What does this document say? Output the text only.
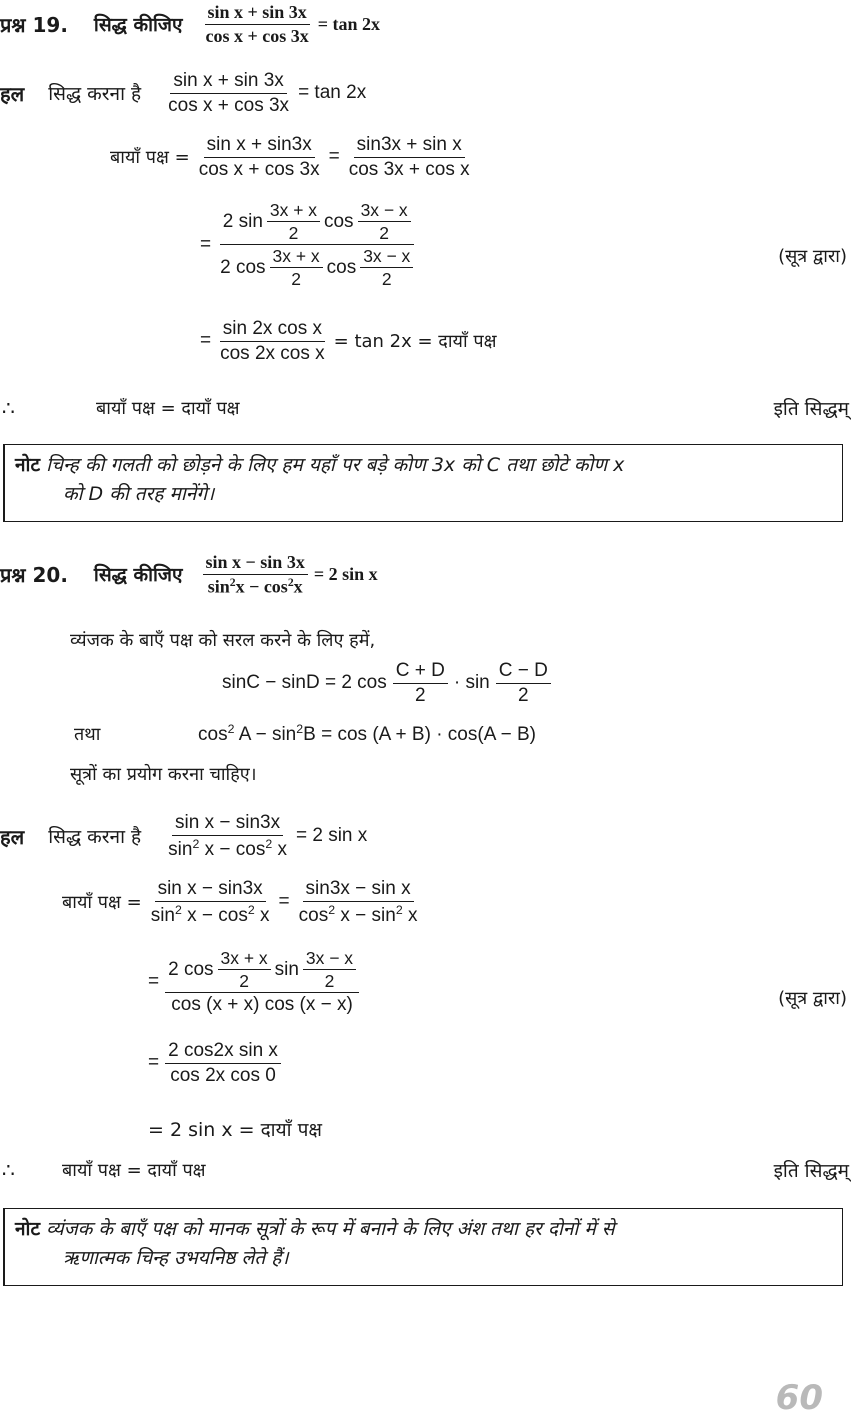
प्रश्न 19. सिद्ध कीजिए $\frac{\text{sin x + sin 3x}}{\text{cos x + cos 3x}} = \tan 2x$
हल सिद्ध करना है $\frac{\text{sin x + sin 3x}}{\text{cos x + cos 3x}} = \tan 2x$
बायाँ पक्ष = $\frac{\text{sin x + sin3x}}{\text{cos x + cos 3x}} = \frac{\text{sin3x + sin x}}{\text{cos 3x + cos x}}$
= $\frac{2 \sin \frac{3x + x}{2} \cos \frac{3x - x}{2}}{2 \cos \frac{3x + x}{2} \cos \frac{3x - x}{2}}$	(सूत्र द्वारा)
= $\frac{\text{sin 2x cos x}}{\text{cos 2x cos x}} = \tan 2x$ = दायाँ पक्ष
∴	बायाँ पक्ष = दायाँ पक्ष	इति सिद्धम्
नोट चिन्ह की गलती को छोड़ने के लिए हम यहाँ पर बड़े कोण 3x को C तथा छोटे कोण x
को D की तरह मानेंगे।
प्रश्न 20. सिद्ध कीजिए $\frac{\text{sin x − sin 3x}}{\sin^2x - \cos^2x} = 2$ sin x
व्यंजक के बाएँ पक्ष को सरल करने के लिए हमें,
sinC − sinD = 2 $\cos \frac{C + D}{2} \cdot \sin \frac{C - D}{2}$
तथा	$\cos^2 A - \sin^2B = \cos (A + B) \cdot \cos(A - B)$
सूत्रों का प्रयोग करना चाहिए।
हल सिद्ध करना है $\frac{\text{sin x − sin3x}}{\sin^2 x - \cos^2 x} = 2$ sin x
बायाँ पक्ष = $\frac{\text{sin x − sin3x}}{\sin^2 x - \cos^2 x} = \frac{\text{sin3x − sin x}}{\cos^2 x - \sin^2 x}$
= $\frac{2 \cos \frac{3x + x}{2} \sin \frac{3x - x}{2}}{\cos (x + x) \cos (x - x)}$	(सूत्र द्वारा)
= $\frac{\text{2 cos2x sin x}}{\text{cos 2x cos 0}}$
= 2 sin x = दायाँ पक्ष
∴	बायाँ पक्ष = दायाँ पक्ष	इति सिद्धम्
नोट व्यंजक के बाएँ पक्ष को मानक सूत्रों के रूप में बनाने के लिए अंश तथा हर दोनों में से
ऋणात्मक चिन्ह उभयनिष्ठ लेते हैं।
60
